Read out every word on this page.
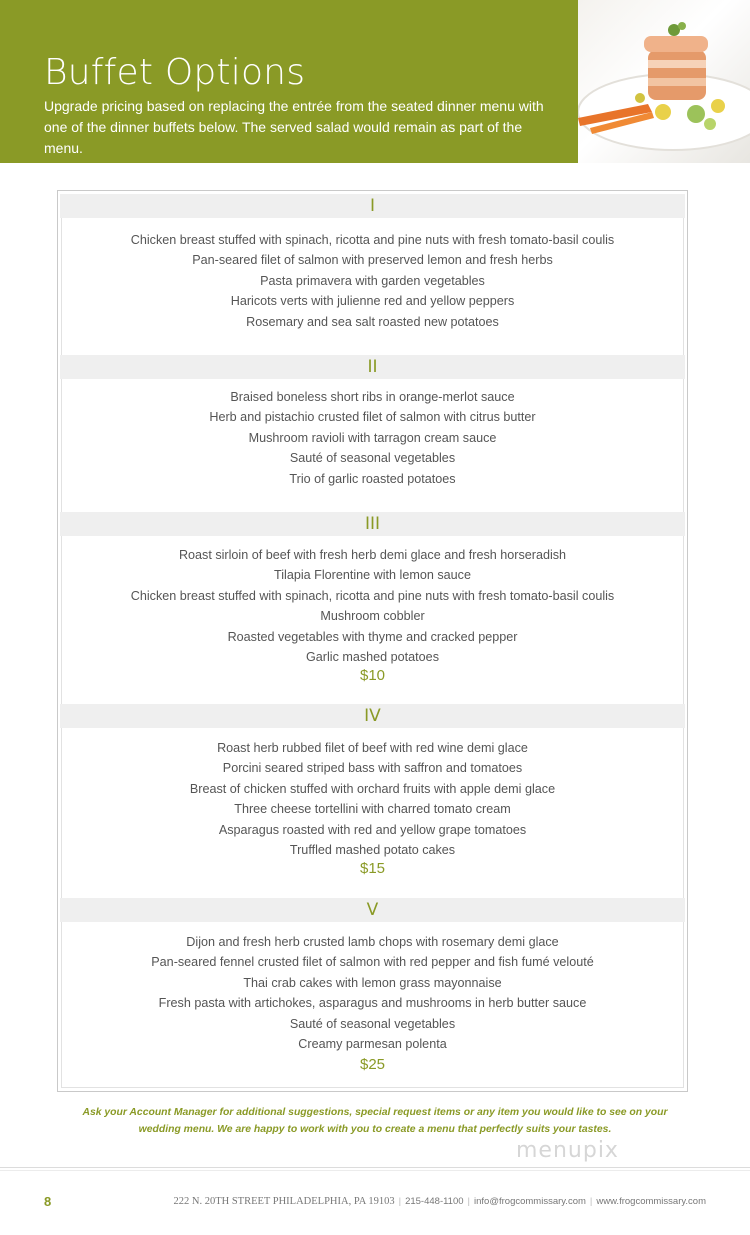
Buffet Options

Upgrade pricing based on replacing the entrée from the seated dinner menu with one of the dinner buffets below. The served salad would remain as part of the menu.

I
Chicken breast stuffed with spinach, ricotta and pine nuts with fresh tomato-basil coulis
Pan-seared filet of salmon with preserved lemon and fresh herbs
Pasta primavera with garden vegetables
Haricots verts with julienne red and yellow peppers
Rosemary and sea salt roasted new potatoes
II
Braised boneless short ribs in orange-merlot sauce
Herb and pistachio crusted filet of salmon with citrus butter
Mushroom ravioli with tarragon cream sauce
Sauté of seasonal vegetables
Trio of garlic roasted potatoes
III
Roast sirloin of beef with fresh herb demi glace and fresh horseradish
Tilapia Florentine with lemon sauce
Chicken breast stuffed with spinach, ricotta and pine nuts with fresh tomato-basil coulis
Mushroom cobbler
Roasted vegetables with thyme and cracked pepper
Garlic mashed potatoes
$10
IV
Roast herb rubbed filet of beef with red wine demi glace
Porcini seared striped bass with saffron and tomatoes
Breast of chicken stuffed with orchard fruits with apple demi glace
Three cheese tortellini with charred tomato cream
Asparagus roasted with red and yellow grape tomatoes
Truffled mashed potato cakes
$15
V
Dijon and fresh herb crusted lamb chops with rosemary demi glace
Pan-seared fennel crusted filet of salmon with red pepper and fish fumé velouté
Thai crab cakes with lemon grass mayonnaise
Fresh pasta with artichokes, asparagus and mushrooms in herb butter sauce
Sauté of seasonal vegetables
Creamy parmesan polenta
$25
Ask your Account Manager for additional suggestions, special request items or any item you would like to see on your
wedding menu. We are happy to work with you to create a menu that perfectly suits your tastes.
menupix
8	222 N. 20TH STREET PHILADELPHIA, PA 19103 | 215-448-1100 | info@frogcommissary.com | www.frogcommissary.com
